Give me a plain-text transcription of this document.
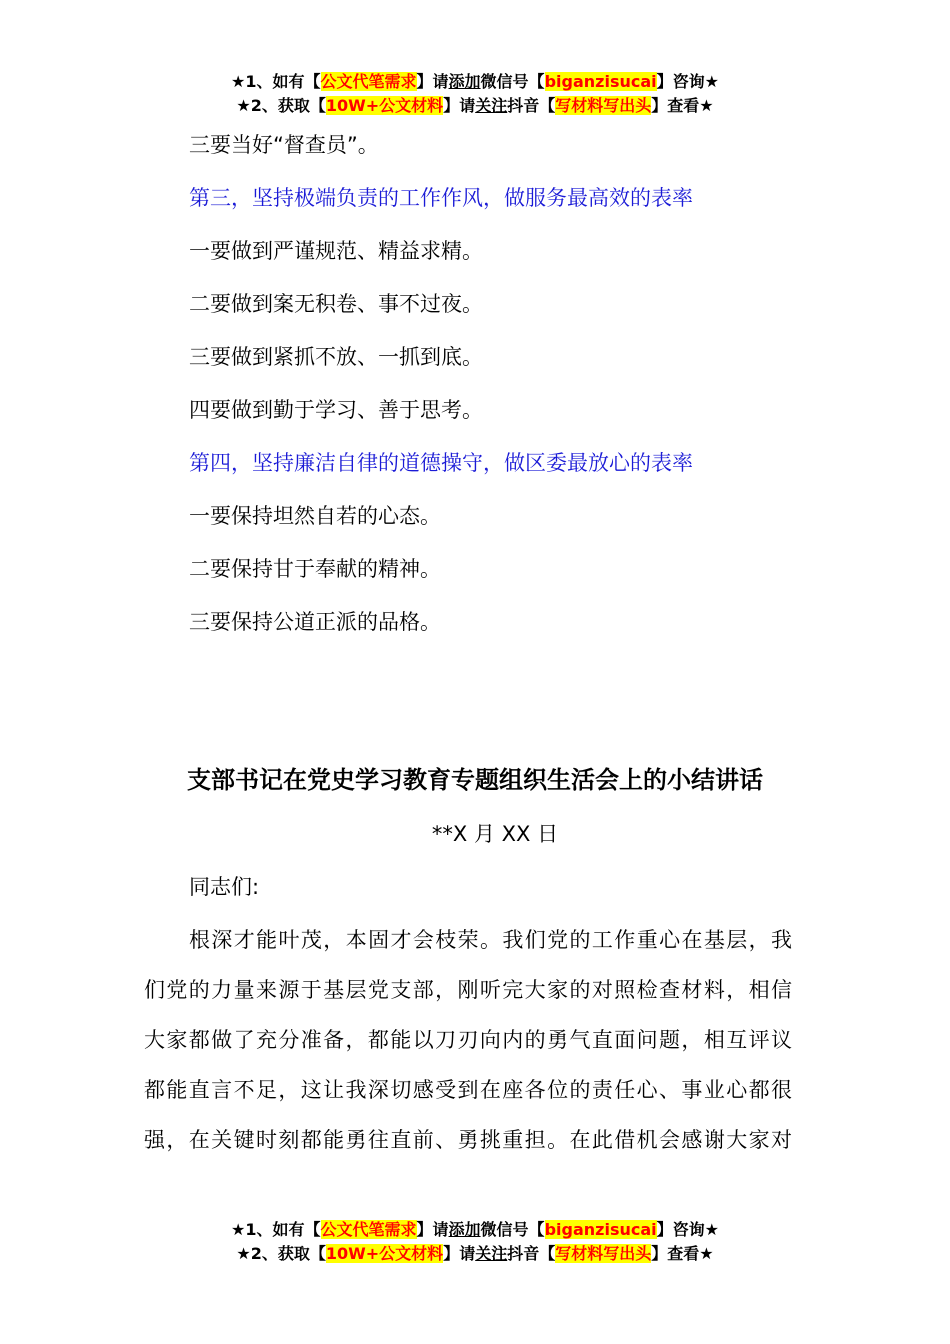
★1、如有【公文代笔需求】请添加微信号【biganzisucai】咨询★
★2、获取【10W+公文材料】请关注抖音【写材料写出头】查看★
三要当好“督查员”。
第三，坚持极端负责的工作作风，做服务最高效的表率
一要做到严谨规范、精益求精。
二要做到案无积卷、事不过夜。
三要做到紧抓不放、一抓到底。
四要做到勤于学习、善于思考。
第四，坚持廉洁自律的道德操守，做区委最放心的表率
一要保持坦然自若的心态。
二要保持甘于奉献的精神。
三要保持公道正派的品格。
支部书记在党史学习教育专题组织生活会上的小结讲话
**X 月 XX 日
同志们:
根深才能叶茂，本固才会枝荣。我们党的工作重心在基层，我
们党的力量来源于基层党支部，刚听完大家的对照检查材料，相信
大家都做了充分准备，都能以刀刃向内的勇气直面问题，相互评议
都能直言不足，这让我深切感受到在座各位的责任心、事业心都很
强，在关键时刻都能勇往直前、勇挑重担。在此借机会感谢大家对
★1、如有【公文代笔需求】请添加微信号【biganzisucai】咨询★
★2、获取【10W+公文材料】请关注抖音【写材料写出头】查看★
